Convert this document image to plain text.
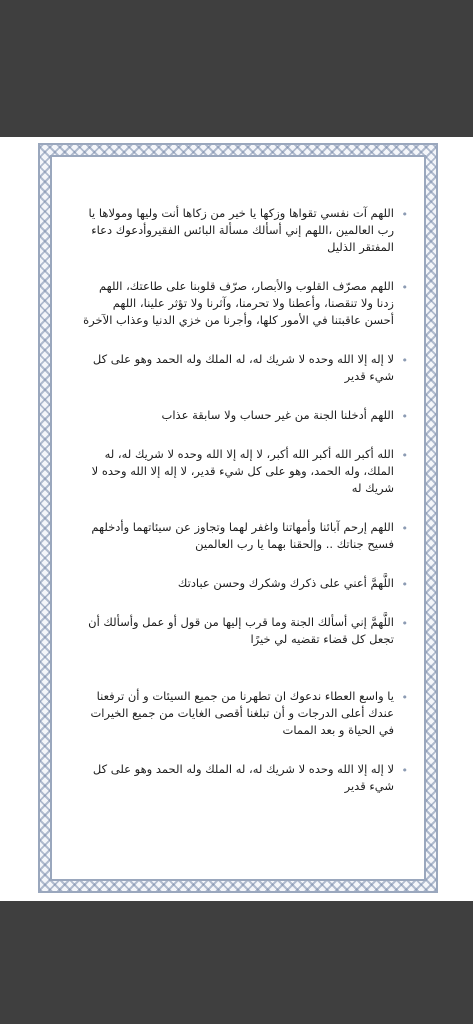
•
اللهم آت نفسي تقواها وزكها يا خير من زكاها أنت وليها ومولاها يا رب العالمين ،اللهم إني أسألك مسألة البائس الفقيروأدعوك دعاء المفتقر الذليل
•
اللهم مصرّف القلوب والأبصار، صرّف قلوبنا على طاعتك، اللهم زدنا ولا تنقصنا، وأعطنا ولا تحرمنا، وآثرنا ولا تؤثر علينا، اللهم أحسن عاقبتنا في الأمور كلها، وأجرنا من خزي الدنيا وعذاب الآخرة
•
لا إله إلا الله وحده لا شريك له، له الملك وله الحمد وهو على كل شيء قدير
•
اللهم أدخلنا الجنة من غير حساب ولا سابقة عذاب
•
الله أكبر الله أكبر الله أكبر، لا إله إلا الله وحده لا شريك له، له الملك، وله الحمد، وهو على كل شيء قدير، لا إله إلا الله وحده لا شريك له
•
اللهم إرحم آبائنا وأمهاتنا واغفر لهما وتجاوز عن سيئاتهما وأدخلهم فسيح جناتك .. وإلحقنا بهما يا رب العالمين
•
اللَّهمَّ أعني على ذكرك وشكرك وحسن عبادتك
•
اللَّهمَّ إني أسألك الجنة وما قرب إليها من قول أو عمل وأسألك أن تجعل كل قضاء تقضيه لي خيرًا
•
يا واسع العطاء ندعوك ان تطهرنا من جميع السيئات و أن ترفعنا عندك أعلى الدرجات و أن تبلغنا أقصى الغايات من جميع الخيرات في الحياة و بعد الممات
•
لا إله إلا الله وحده لا شريك له، له الملك وله الحمد وهو على كل شيء قدير
